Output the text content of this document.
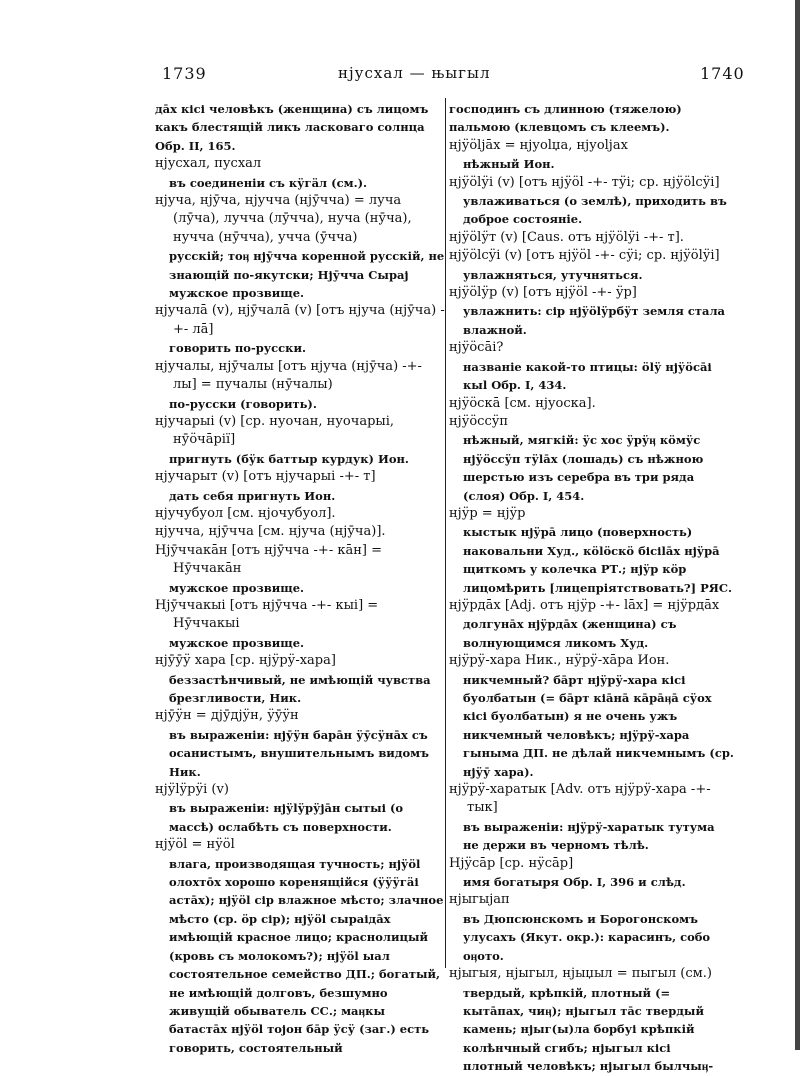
1739	нјусхал — њыгыл	1740

дāх кісі человѣкъ (женщина) съ лицомъ какъ блестящiй ликъ ласковаго солнца Обр. II, 165.

нјусхал, пусхал

въ соединенiи съ кӱгӓл (см.).

нјуча, нјӯча, нјучча (нјӯчча) = луча (лӯча), луччa (лӯчча), нуча (нӯча), нучча (нӯчча), учча (ӯчча)

русскiй; тоӊ нјӯчча коренной русскiй, не знающiй по-якутски; Нјӯчча Сырај мужское прозвище.

нјучалā (v), нјӯчалā (v) [отъ нјуча (нјӯча) -+- лā]

говорить по-русски.

нјучалы, нјӯчалы [отъ нјуча (нјӯча) -+- лы] = пучалы (нӯчалы)

по-русски (говорить).

нјучарыі (v) [ср. нуочан, нуочарыі, нӯӧчāрії]

пригнуть (бӱк баттыр курдук) Ион.

нјучарыт (v) [отъ нјучарыі -+- т]

дать себя пригнуть Ион.

нјучубуол [см. нјочубуол].

нјучча, нјӯчча [см. нјуча (нјӯча)].

Нјӯччакāн [отъ нјӯчча -+- кāн] = Нӯччакāн

мужское прозвище.

Нјӯччакыі [отъ нјӯчча -+- кыі] = Нӯччакыі

мужское прозвище.

нјӯӯӱ хара [ср. нјӱрӱ-хара]

беззастѣнчивый, не имѣющiй чувства брезгливости, Ник.

нјӯӱн = дјӯдјӱн, ӱӯӱн

въ выраженiи: нјӯӱн барāн ӱӯсӱнāх съ осанистымъ, внушительнымъ видомъ Ник.

нјӱlӱрӱі (v)

въ выраженiи: нјӱlӱрӱјāн сытыі (о массѣ) ослабѣть съ поверхности.

нјӱӧl = нӱӧl

влага, производящая тучность; нјӱӧl олохтōх хорошо коренящiйся (ӱӱӱгӓі астāх); нјӱӧl сір влажное мѣсто; злачное мѣсто (ср. ӧр сір); нјӱӧl сыраідāх имѣющiй красное лицо; краснолицый (кровь съ молокомъ?); нјӱӧl ыал состоятельное семейство ДП.; богатый, не имѣющiй долговъ, безшумно живущiй обыватель СС.; маӊкы батастāх нјӱӧl тојон бāр ӱсӱ (заг.) есть говорить, состоятельный

господинъ съ длинною (тяжелою) пальмою (клевцомъ съ клеемъ).

нјӱӧlјāх = нјуоlџа, нјуоlјах

нѣжный Ион.

нјӱӧlӱі (v) [отъ нјӱӧl -+- тӱі; ср. нјӱӧlсӱі]

увлаживаться (о землѣ), приходить въ доброе состоянiе.

нјӱӧlӱт (v) [Caus. отъ нјӱӧlӱі -+- т].

нјӱӧlсӱі (v) [отъ нјӱӧl -+- сӱі; ср. нјӱӧlӱі]

увлажняться, утучняться.

нјӱӧlӱр (v) [отъ нјӱӧl -+- ӱр]

увлажнить: сір нјӱӧlӱрбӱт земля стала влажной.

нјӱӧсāі?

названiе какой-то птицы: ӧlӱ нјӱӧсāі кыl Обр. I, 434.

нјӱӧскā [см. нјуоска].

нјӱӧссӱп

нѣжный, мягкiй: ӱс хос ӱрӱӊ кӧмӱс нјӱӧссӱп тӱlāх (лошадь) съ нѣжною шерстью изъ серебра въ три ряда (слоя) Обр. I, 454.

нјӱр = нјӱр

кыстык нјӱрā лицо (поверхность) наковальни Худ., кӧlӧскӧ бісіlāх нјӱрā щиткомъ у колечка РТ.; нјӱр кӧр лицомѣрить [лицепрiятствовать?] РЯС.

нјӱрдāх [Adj. отъ нјӱр -+- lāх] = нјӱрдāх

долгунāх нјӱрдāх (женщина) съ волнующимся ликомъ Худ.

нјӱрӱ-хара Ник., нӱрӱ-хāра Ион.

никчемный? бāрт нјӱрӱ-хара кісі буолбатын (= бāрт кіāнā кāрāӊā сӱох кісі буолбатын) я не очень ужъ никчемный человѣкъ; нјӱрӱ-хара гыныма ДП. не дѣлай никчемнымъ (ср. нјӱӯ хара).

нјӱрӱ-харатык [Adv. отъ нјӱрӱ-хара -+- тык]

въ выраженiи: нјӱрӱ-харатык тутума не держи въ черномъ тѣлѣ.

Нјӱсāр [ср. нӱсāр]

имя богатыря Обр. I, 396 и слѣд.

нјыгыјап

въ Дюпсюнскомъ и Борогонскомъ улусахъ (Якут. окр.): карасинъ, собо оӊото.

нјыгыя, нјыгыл, нјыџыл = пыгыл (см.)

твердый, крѣпкiй, плотный (= кытāпах, чиӊ); нјыгыл тāс твердый камень; нјыг(ы)ла борбуі крѣпкiй колѣнчный сгибъ; нјыгыл кісі плотный человѣкъ; нјыгыл былчыӊ-
